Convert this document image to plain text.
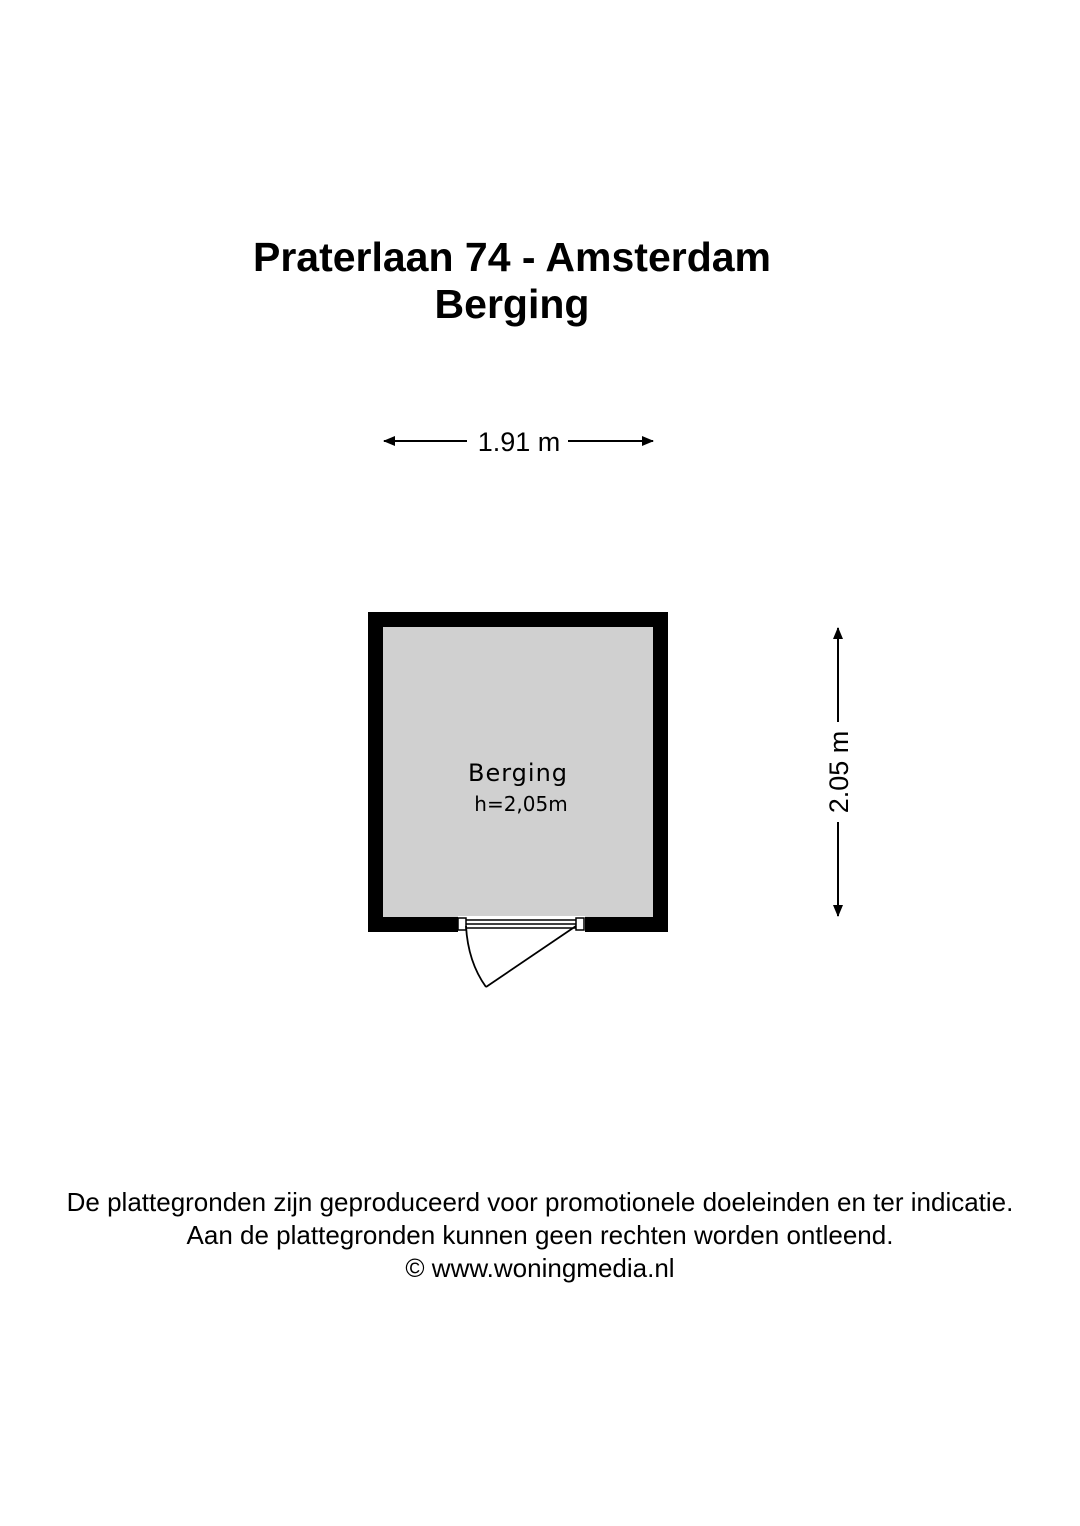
Praterlaan 74 - Amsterdam
Berging
1.91 m
2.05 m
Berging
h=2,05m
De plattegronden zijn geproduceerd voor promotionele doeleinden en ter indicatie.
Aan de plattegronden kunnen geen rechten worden ontleend.
© www.woningmedia.nl
